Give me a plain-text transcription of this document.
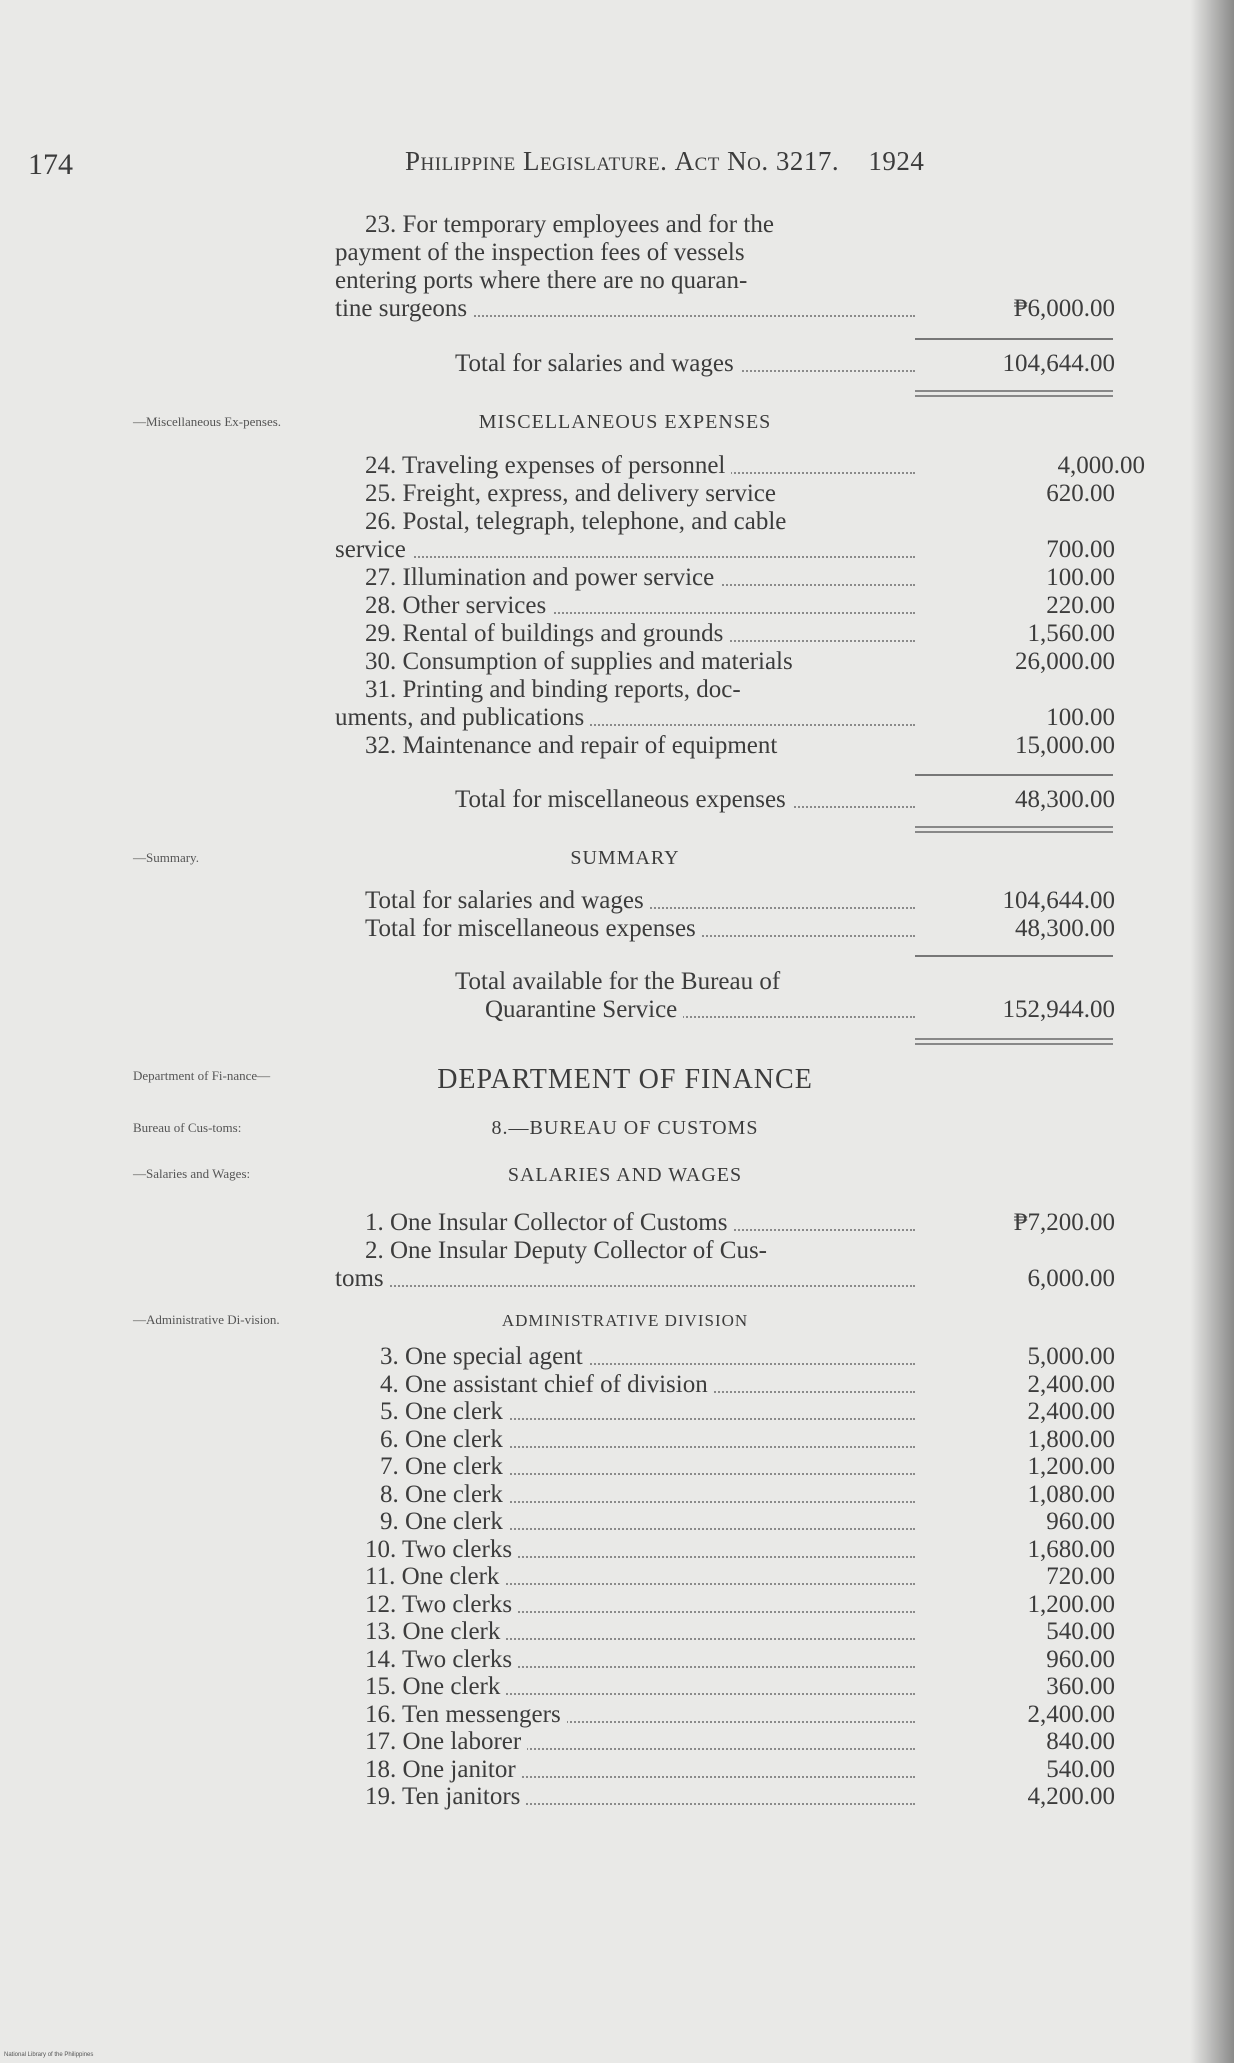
174	Philippine Legislature. Act No. 3217. 1924
23. For temporary employees and for the
payment of the inspection fees of vessels
entering ports where there are no quaran-
tine surgeons	₱6,000.00
Total for salaries and wages	104,644.00
—Miscellaneous Ex-penses.	MISCELLANEOUS EXPENSES
24. Traveling expenses of personnel	4,000.00
25. Freight, express, and delivery service	620.00
26. Postal, telegraph, telephone, and cable
service	700.00
27. Illumination and power service	100.00
28. Other services	220.00
29. Rental of buildings and grounds	1,560.00
30. Consumption of supplies and materials	26,000.00
31. Printing and binding reports, doc-
uments, and publications	100.00
32. Maintenance and repair of equipment	15,000.00
Total for miscellaneous expenses	48,300.00
—Summary.	SUMMARY
Total for salaries and wages	104,644.00
Total for miscellaneous expenses	48,300.00
Total available for the Bureau of
Quarantine Service	152,944.00
Department of Fi-nance—	DEPARTMENT OF FINANCE
Bureau of Cus-toms:	8.—BUREAU OF CUSTOMS
—Salaries and Wages:	SALARIES AND WAGES
1. One Insular Collector of Customs	₱7,200.00
2. One Insular Deputy Collector of Cus-
toms	6,000.00
—Administrative Di-vision.	ADMINISTRATIVE DIVISION
3. One special agent	5,000.00
4. One assistant chief of division	2,400.00
5. One clerk	2,400.00
6. One clerk	1,800.00
7. One clerk	1,200.00
8. One clerk	1,080.00
9. One clerk	960.00
10. Two clerks	1,680.00
11. One clerk	720.00
12. Two clerks	1,200.00
13. One clerk	540.00
14. Two clerks	960.00
15. One clerk	360.00
16. Ten messengers	2,400.00
17. One laborer	840.00
18. One janitor	540.00
19. Ten janitors	4,200.00
National Library of the Philippines
